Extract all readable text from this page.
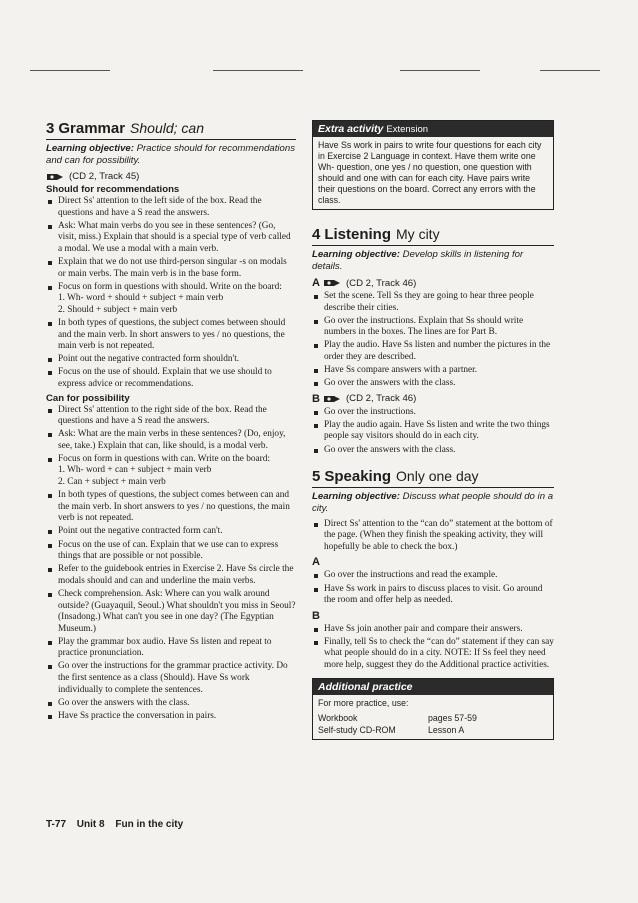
3 Grammar Should; can
Learning objective: Practice should for recommendations and can for possibility.
(CD 2, Track 45)
Should for recommendations
Direct Ss' attention to the left side of the box. Read the questions and have a S read the answers.
Ask: What main verbs do you see in these sentences? (Go, visit, miss.) Explain that should is a special type of verb called a modal. We use a modal with a main verb.
Explain that we do not use third-person singular -s on modals or main verbs. The main verb is in the base form.
Focus on form in questions with should. Write on the board:
1. Wh- word + should + subject + main verb
2. Should + subject + main verb
In both types of questions, the subject comes between should and the main verb. In short answers to yes / no questions, the main verb is not repeated.
Point out the negative contracted form shouldn't.
Focus on the use of should. Explain that we use should to express advice or recommendations.
Can for possibility
Direct Ss' attention to the right side of the box. Read the questions and have a S read the answers.
Ask: What are the main verbs in these sentences? (Do, enjoy, see, take.) Explain that can, like should, is a modal verb.
Focus on form in questions with can. Write on the board:
1. Wh- word + can + subject + main verb
2. Can + subject + main verb
In both types of questions, the subject comes between can and the main verb. In short answers to yes / no questions, the main verb is not repeated.
Point out the negative contracted form can't.
Focus on the use of can. Explain that we use can to express things that are possible or not possible.
Refer to the guidebook entries in Exercise 2. Have Ss circle the modals should and can and underline the main verbs.
Check comprehension. Ask: Where can you walk around outside? (Guayaquil, Seoul.) What shouldn't you miss in Seoul? (Insadong.) What can't you see in one day? (The Egyptian Museum.)
Play the grammar box audio. Have Ss listen and repeat to practice pronunciation.
Go over the instructions for the grammar practice activity. Do the first sentence as a class (Should). Have Ss work individually to complete the sentences.
Go over the answers with the class.
Have Ss practice the conversation in pairs.
Extra activity Extension
Have Ss work in pairs to write four questions for each city in Exercise 2 Language in context. Have them write one Wh- question, one yes / no question, one question with should and one with can for each city. Have pairs write their questions on the board. Correct any errors with the class.
4 Listening My city
Learning objective: Develop skills in listening for details.
A	(CD 2, Track 46)
Set the scene. Tell Ss they are going to hear three people describe their cities.
Go over the instructions. Explain that Ss should write numbers in the boxes. The lines are for Part B.
Play the audio. Have Ss listen and number the pictures in the order they are described.
Have Ss compare answers with a partner.
Go over the answers with the class.
B	(CD 2, Track 46)
Go over the instructions.
Play the audio again. Have Ss listen and write the two things people say visitors should do in each city.
Go over the answers with the class.
5 Speaking Only one day
Learning objective: Discuss what people should do in a city.
Direct Ss' attention to the “can do” statement at the bottom of the page. (When they finish the speaking activity, they will hopefully be able to check the box.)
A
Go over the instructions and read the example.
Have Ss work in pairs to discuss places to visit. Go around the room and offer help as needed.
B
Have Ss join another pair and compare their answers.
Finally, tell Ss to check the “can do” statement if they can say what people should do in a city. NOTE: If Ss feel they need more help, suggest they do the Additional practice activities.
Additional practice
For more practice, use:
Workbook	pages 57-59
Self-study CD-ROM	Lesson A
T-77 Unit 8 Fun in the city
